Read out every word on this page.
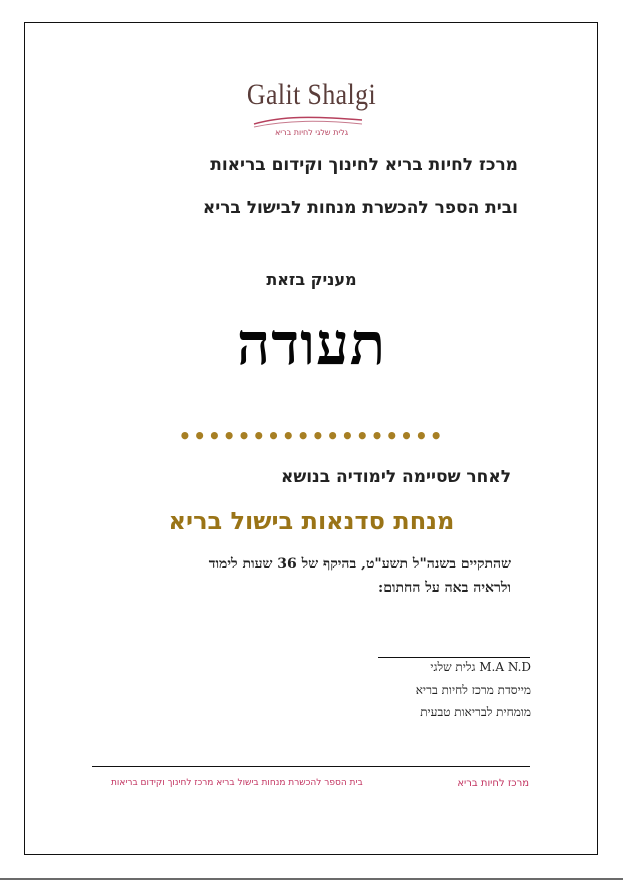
Galit Shalgi
גלית שלגי לחיות בריא
מרכז לחיות בריא לחינוך וקידום בריאות
ובית הספר להכשרת מנחות לבישול בריא
מעניק בזאת
תעודה
••••••••••••••••••
לאחר שסיימה לימודיה בנושא
מנחת סדנאות בישול בריא
שהתקיים בשנה"ל תשע"ט, בהיקף של 36 שעות לימוד
ולראיה באה על החתום:
M.A N.D גלית שלגי
מייסדת מרכז לחיות בריא
מומחית לבריאות טבעית
מרכז לחיות בריא
בית הספר להכשרת מנחות בישול בריא מרכז לחינוך וקידום בריאות
